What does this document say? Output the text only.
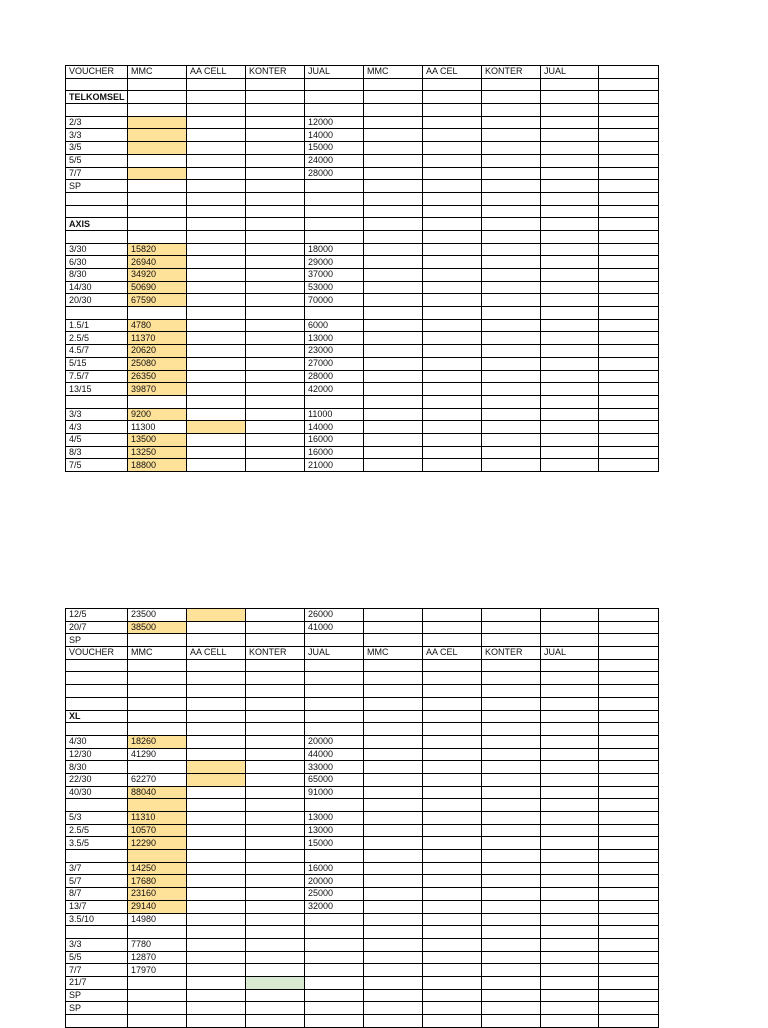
VOUCHER	MMC	AA CELL	KONTER	JUAL	MMC	AA CEL	KONTER	JUAL	

TELKOMSEL									

2/3				12000					
3/3				14000					
3/5				15000					
5/5				24000					
7/7				28000					
SP									

AXIS									

3/30	15820			18000					
6/30	26940			29000					
8/30	34920			37000					
14/30	50690			53000					
20/30	67590			70000					

1.5/1	4780			6000					
2.5/5	11370			13000					
4.5/7	20620			23000					
5/15	25080			27000					
7.5/7	26350			28000					
13/15	39870			42000					

3/3	9200			11000					
4/3	11300			14000					
4/5	13500			16000					
8/3	13250			16000					
7/5	18800			21000					
12/5	23500			26000					
20/7	38500			41000					
SP									
VOUCHER	MMC	AA CELL	KONTER	JUAL	MMC	AA CEL	KONTER	JUAL	

XL									

4/30	18260			20000					
12/30	41290			44000					
8/30				33000					
22/30	62270			65000					
40/30	88040			91000					

5/3	11310			13000					
2.5/5	10570			13000					
3.5/5	12290			15000					

3/7	14250			16000					
5/7	17680			20000					
8/7	23160			25000					
13/7	29140			32000					
3.5/10	14980								

3/3	7780								
5/5	12870								
7/7	17970								
21/7									
SP									
SP									
